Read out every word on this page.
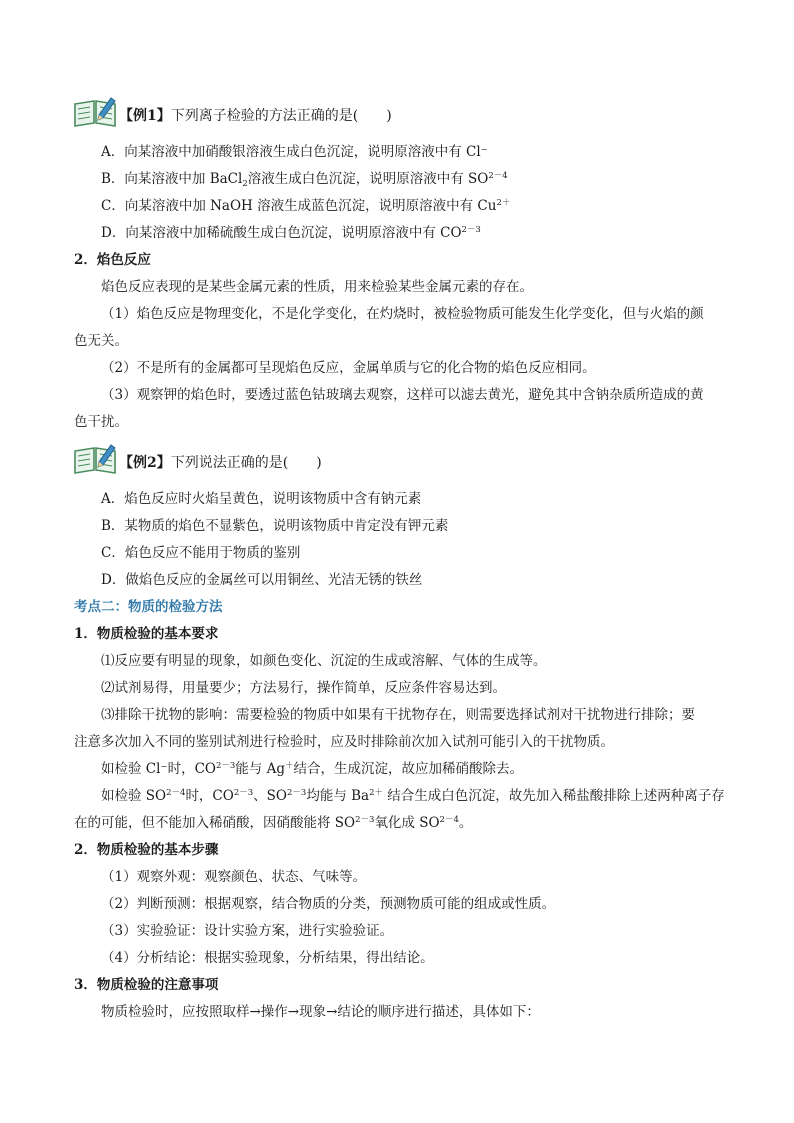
【例1】下列离子检验的方法正确的是(　　)
A．向某溶液中加硝酸银溶液生成白色沉淀，说明原溶液中有 Cl⁻
B．向某溶液中加 BaCl$_2$溶液生成白色沉淀，说明原溶液中有 $SO^{2-4}$
C．向某溶液中加 NaOH 溶液生成蓝色沉淀，说明原溶液中有 $Cu^{2+}$
D．向某溶液中加稀硫酸生成白色沉淀，说明原溶液中有 $CO^{2-3}$
2．焰色反应
焰色反应表现的是某些金属元素的性质，用来检验某些金属元素的存在。
（1）焰色反应是物理变化，不是化学变化，在灼烧时，被检验物质可能发生化学变化，但与火焰的颜
色无关。
（2）不是所有的金属都可呈现焰色反应，金属单质与它的化合物的焰色反应相同。
（3）观察钾的焰色时，要透过蓝色钴玻璃去观察，这样可以滤去黄光，避免其中含钠杂质所造成的黄
色干扰。
【例2】下列说法正确的是(　　)
A．焰色反应时火焰呈黄色，说明该物质中含有钠元素
B．某物质的焰色不显紫色，说明该物质中肯定没有钾元素
C．焰色反应不能用于物质的鉴别
D．做焰色反应的金属丝可以用铜丝、光洁无锈的铁丝
考点二：物质的检验方法
1．物质检验的基本要求
⑴反应要有明显的现象，如颜色变化、沉淀的生成或溶解、气体的生成等。
⑵试剂易得，用量要少；方法易行，操作简单，反应条件容易达到。
⑶排除干扰物的影响：需要检验的物质中如果有干扰物存在，则需要选择试剂对干扰物进行排除；要
注意多次加入不同的鉴别试剂进行检验时，应及时排除前次加入试剂可能引入的干扰物质。
如检验 Cl⁻时，$CO^{2-3}$能与 Ag＋结合，生成沉淀，故应加稀硝酸除去。
如检验 $SO^{2-4}$时，$CO^{2-3}$、$SO^{2-3}$均能与 $Ba^{2+}$ 结合生成白色沉淀，故先加入稀盐酸排除上述两种离子存
在的可能，但不能加入稀硝酸，因硝酸能将 $SO^{2-3}$氧化成 $SO^{2-4}$。
2．物质检验的基本步骤
（1）观察外观：观察颜色、状态、气味等。
（2）判断预测：根据观察，结合物质的分类，预测物质可能的组成或性质。
（3）实验验证：设计实验方案，进行实验验证。
（4）分析结论：根据实验现象，分析结果，得出结论。
3．物质检验的注意事项
物质检验时，应按照取样→操作→现象→结论的顺序进行描述，具体如下：
